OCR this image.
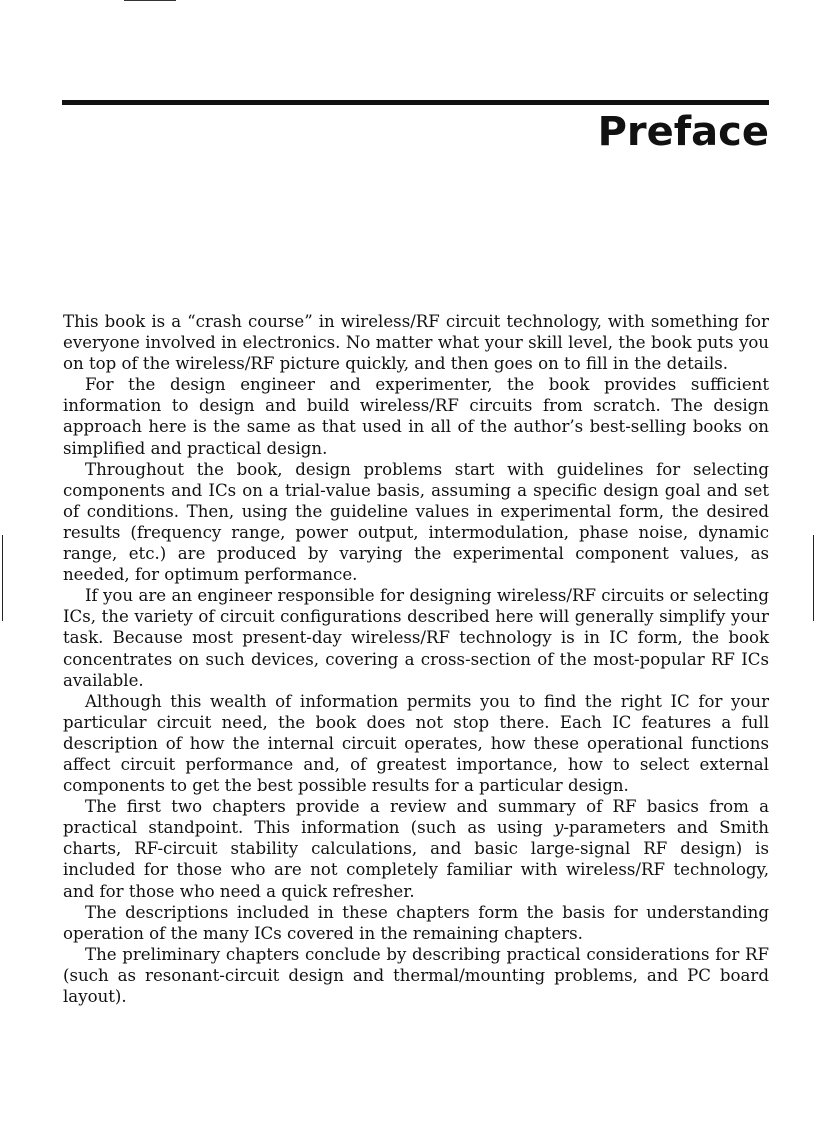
Preface

This book is a “crash course” in wireless/RF circuit technology, with something for everyone involved in electronics. No matter what your skill level, the book puts you on top of the wireless/RF picture quickly, and then goes on to fill in the details.

For the design engineer and experimenter, the book provides sufficient information to design and build wireless/RF circuits from scratch. The design approach here is the same as that used in all of the author’s best-selling books on simplified and practical design.

Throughout the book, design problems start with guidelines for selecting components and ICs on a trial-value basis, assuming a specific design goal and set of conditions. Then, using the guideline values in experimental form, the desired results (frequency range, power output, intermodulation, phase noise, dynamic range, etc.) are produced by varying the experimental component values, as needed, for optimum performance.

If you are an engineer responsible for designing wireless/RF circuits or selecting ICs, the variety of circuit configurations described here will generally simplify your task. Because most present-day wireless/RF technology is in IC form, the book concentrates on such devices, covering a cross-section of the most-popular RF ICs available.

Although this wealth of information permits you to find the right IC for your particular circuit need, the book does not stop there. Each IC features a full description of how the internal circuit operates, how these operational functions affect circuit performance and, of greatest importance, how to select external components to get the best possible results for a particular design.

The first two chapters provide a review and summary of RF basics from a practical standpoint. This information (such as using y-parameters and Smith charts, RF-circuit stability calculations, and basic large-signal RF design) is included for those who are not completely familiar with wireless/RF technology, and for those who need a quick refresher.

The descriptions included in these chapters form the basis for understanding operation of the many ICs covered in the remaining chapters.

The preliminary chapters conclude by describing practical considerations for RF (such as resonant-circuit design and thermal/mounting problems, and PC board layout).
